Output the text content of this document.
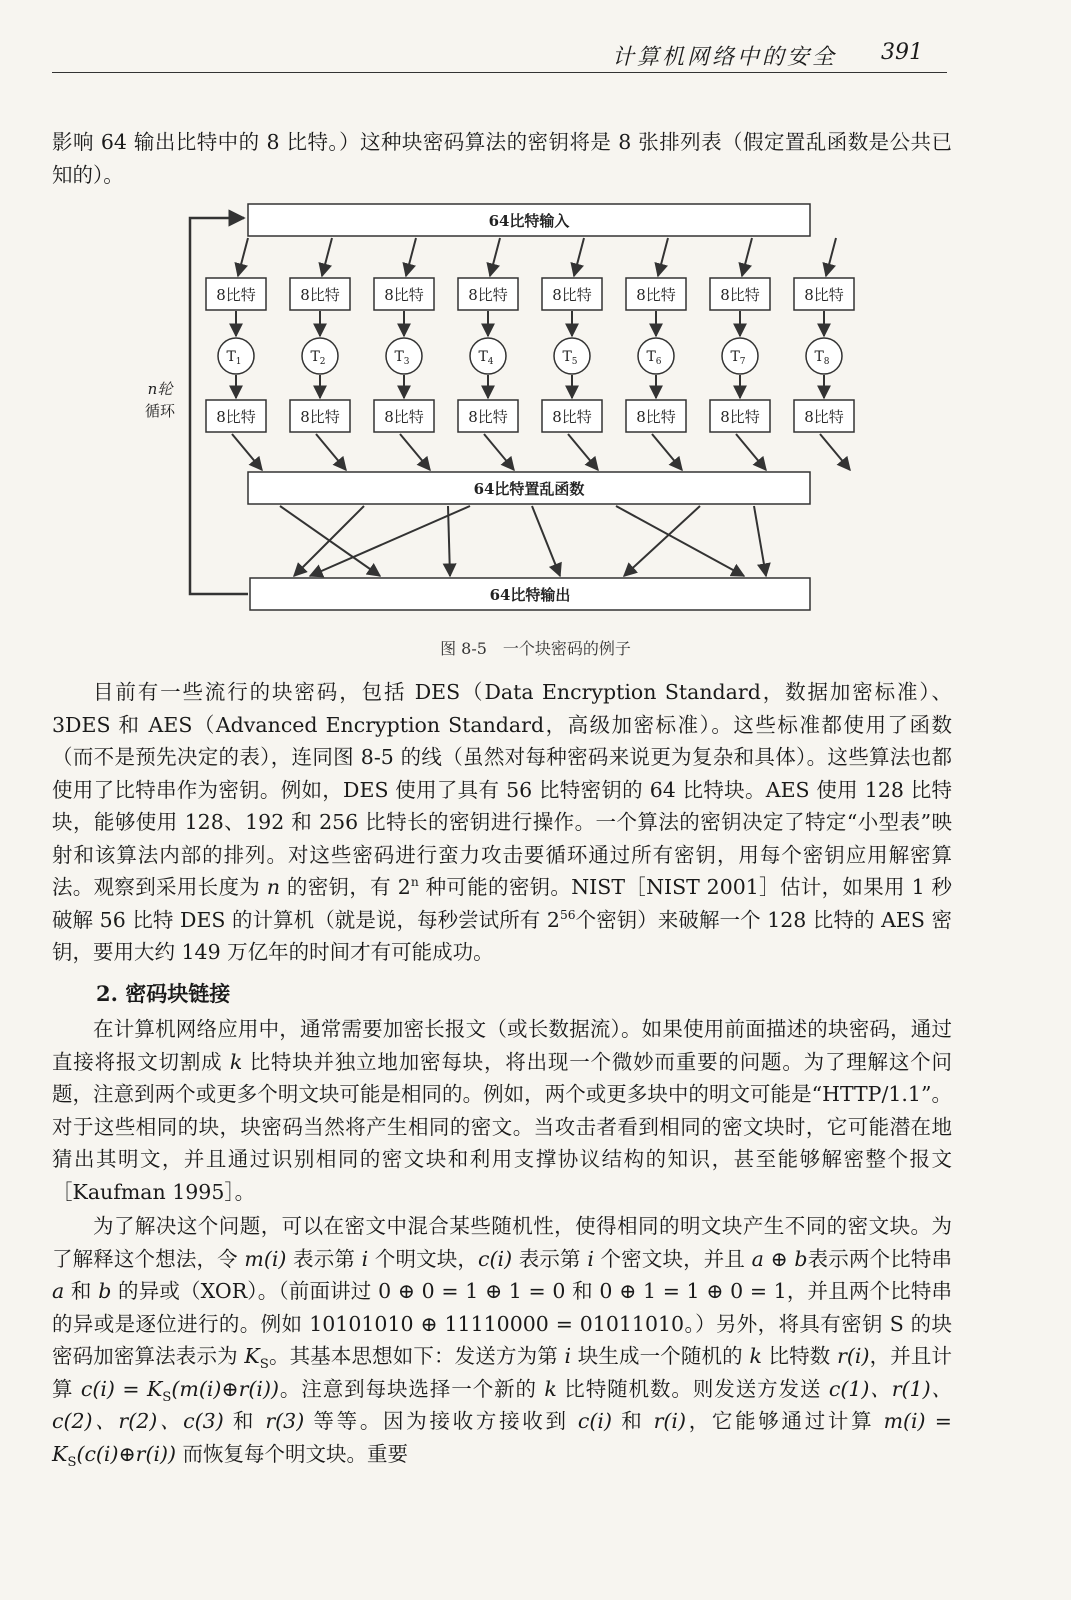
计算机网络中的安全 391

影响 64 输出比特中的 8 比特。）这种块密码算法的密钥将是 8 张排列表（假定置乱函数是公共已知的）。

64比特输入
8比特
$T_1$
8比特
8比特
$T_2$
8比特
8比特
$T_3$
8比特
8比特
$T_4$
8比特
8比特
$T_5$
8比特
8比特
$T_6$
8比特
8比特
$T_7$
8比特
8比特
$T_8$
8比特
64比特置乱函数
64比特输出
n轮
循环
图 8-5　一个块密码的例子

目前有一些流行的块密码，包括 DES（Data Encryption Standard，数据加密标准）、3DES 和 AES（Advanced Encryption Standard，高级加密标准）。这些标准都使用了函数（而不是预先决定的表），连同图 8-5 的线（虽然对每种密码来说更为复杂和具体）。这些算法也都使用了比特串作为密钥。例如，DES 使用了具有 56 比特密钥的 64 比特块。AES 使用 128 比特块，能够使用 128、192 和 256 比特长的密钥进行操作。一个算法的密钥决定了特定“小型表”映射和该算法内部的排列。对这些密码进行蛮力攻击要循环通过所有密钥，用每个密钥应用解密算法。观察到采用长度为 n 的密钥，有 2$^n$ 种可能的密钥。NIST［NIST 2001］估计，如果用 1 秒破解 56 比特 DES 的计算机（就是说，每秒尝试所有 $2^{56}$个密钥）来破解一个 128 比特的 AES 密钥，要用大约 149 万亿年的时间才有可能成功。

2. 密码块链接

在计算机网络应用中，通常需要加密长报文（或长数据流）。如果使用前面描述的块密码，通过直接将报文切割成 k 比特块并独立地加密每块，将出现一个微妙而重要的问题。为了理解这个问题，注意到两个或更多个明文块可能是相同的。例如，两个或更多块中的明文可能是“HTTP/1.1”。对于这些相同的块，块密码当然将产生相同的密文。当攻击者看到相同的密文块时，它可能潜在地猜出其明文，并且通过识别相同的密文块和利用支撑协议结构的知识，甚至能够解密整个报文［Kaufman 1995］。

为了解决这个问题，可以在密文中混合某些随机性，使得相同的明文块产生不同的密文块。为了解释这个想法，令 m(i) 表示第 i 个明文块，c(i) 表示第 i 个密文块，并且 a ⊕ b表示两个比特串 a 和 b 的异或（XOR）。（前面讲过 0 ⊕ 0 = 1 ⊕ 1 = 0 和 0 ⊕ 1 = 1 ⊕ 0 = 1，并且两个比特串的异或是逐位进行的。例如 10101010 ⊕ 11110000 = 01011010。）另外，将具有密钥 S 的块密码加密算法表示为 $K_S$。其基本思想如下：发送方为第 i 块生成一个随机的 k 比特数 r(i)，并且计算 $c(i) = K_S(m(i)\oplus r(i))$。注意到每块选择一个新的 k 比特随机数。则发送方发送 c(1)、r(1)、c(2)、r(2)、c(3) 和 r(3) 等等。因为接收方接收到 c(i) 和 r(i)，它能够通过计算 $m(i) = K_S(c(i)\oplus r(i))$ 而恢复每个明文块。重要
